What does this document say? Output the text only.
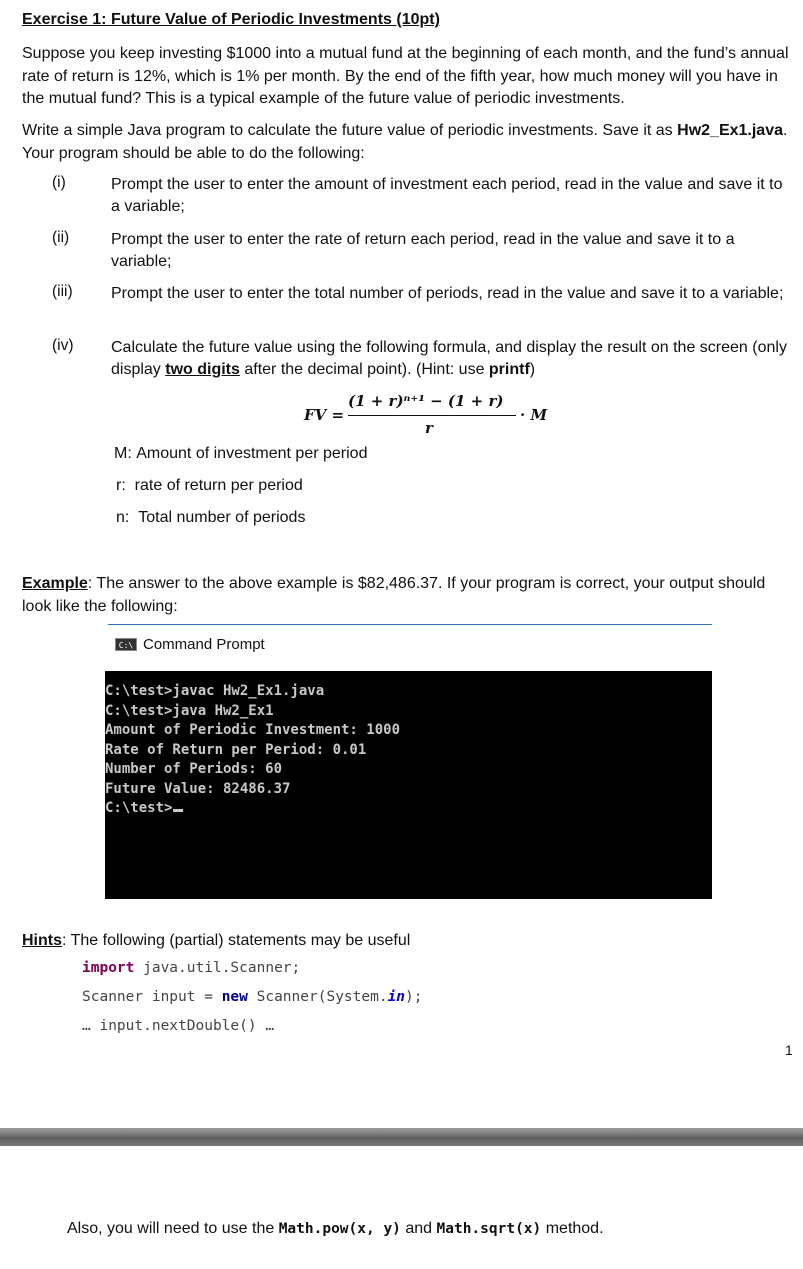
Exercise 1: Future Value of Periodic Investments (10pt)
Suppose you keep investing $1000 into a mutual fund at the beginning of each month, and the fund’s annual rate of return is 12%, which is 1% per month. By the end of the fifth year, how much money will you have in the mutual fund? This is a typical example of the future value of periodic investments.
Write a simple Java program to calculate the future value of periodic investments. Save it as Hw2_Ex1.java. Your program should be able to do the following:
(i)	Prompt the user to enter the amount of investment each period, read in the value and save it to a variable;
(ii)	Prompt the user to enter the rate of return each period, read in the value and save it to a variable;
(iii) Prompt the user to enter the total number of periods, read in the value and save it to a variable;
(iv) Calculate the future value using the following formula, and display the result on the screen (only display two digits after the decimal point). (Hint: use printf)
FV =
(1 + r)ⁿ⁺¹ − (1 + r)
r
· M
M: Amount of investment per period
r: rate of return per period
n: Total number of periods
Example: The answer to the above example is $82,486.37. If your program is correct, your output should look like the following:
C:\ Command Prompt
C:\test>javac Hw2_Ex1.java
C:\test>java Hw2_Ex1
Amount of Periodic Investment: 1000
Rate of Return per Period: 0.01
Number of Periods: 60
Future Value: 82486.37
C:\test>
Hints: The following (partial) statements may be useful
import java.util.Scanner;
Scanner input = new Scanner(System.in);
… input.nextDouble() …
1
Also, you will need to use the Math.pow(x, y) and Math.sqrt(x) method.
